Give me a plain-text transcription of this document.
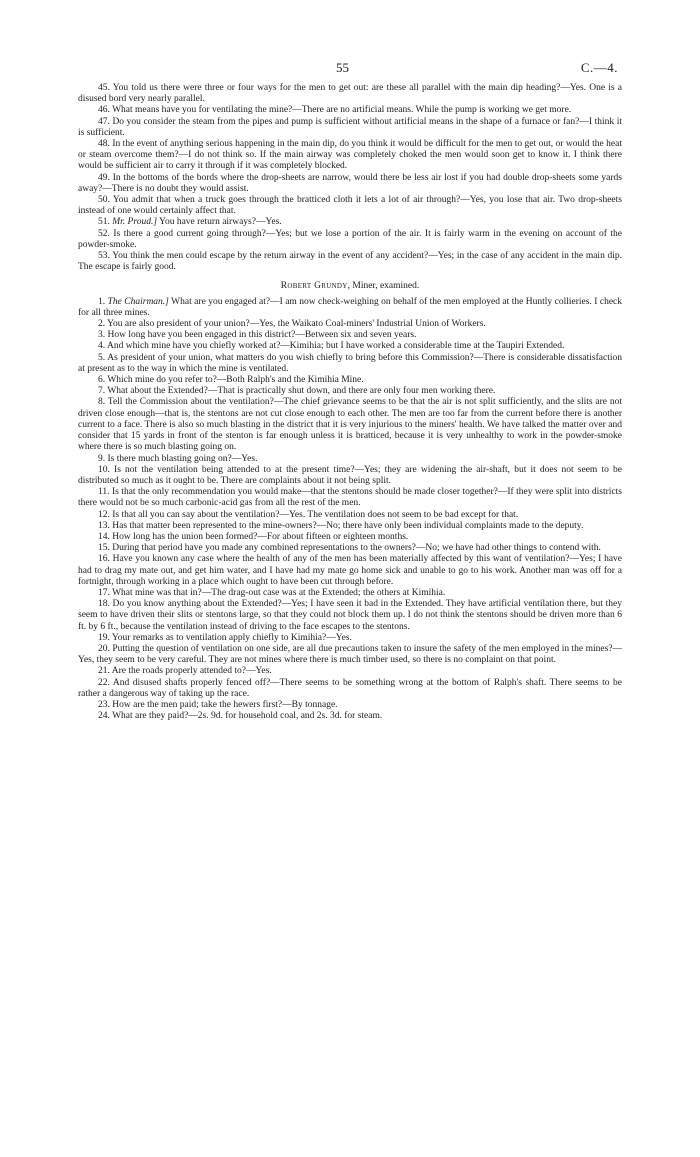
55	C.—4.

45. You told us there were three or four ways for the men to get out: are these all parallel with the main dip heading?—Yes. One is a disused bord very nearly parallel.

46. What means have you for ventilating the mine?—There are no artificial means. While the pump is working we get more.

47. Do you consider the steam from the pipes and pump is sufficient without artificial means in the shape of a furnace or fan?—I think it is sufficient.

48. In the event of anything serious happening in the main dip, do you think it would be difficult for the men to get out, or would the heat or steam overcome them?—I do not think so. If the main airway was completely choked the men would soon get to know it. I think there would be sufficient air to carry it through if it was completely blocked.

49. In the bottoms of the bords where the drop-sheets are narrow, would there be less air lost if you had double drop-sheets some yards away?—There is no doubt they would assist.

50. You admit that when a truck goes through the bratticed cloth it lets a lot of air through?—Yes, you lose that air. Two drop-sheets instead of one would certainly affect that.

51. Mr. Proud.] You have return airways?—Yes.

52. Is there a good current going through?—Yes; but we lose a portion of the air. It is fairly warm in the evening on account of the powder-smoke.

53. You think the men could escape by the return airway in the event of any accident?—Yes; in the case of any accident in the main dip. The escape is fairly good.

Robert Grundy, Miner, examined.

1. The Chairman.] What are you engaged at?—I am now check-weighing on behalf of the men employed at the Huntly collieries. I check for all three mines.

2. You are also president of your union?—Yes, the Waikato Coal-miners' Industrial Union of Workers.

3. How long have you been engaged in this district?—Between six and seven years.

4. And which mine have you chiefly worked at?—Kimihia; but I have worked a considerable time at the Taupiri Extended.

5. As president of your union, what matters do you wish chiefly to bring before this Commission?—There is considerable dissatisfaction at present as to the way in which the mine is ventilated.

6. Which mine do you refer to?—Both Ralph's and the Kimihia Mine.

7. What about the Extended?—That is practically shut down, and there are only four men working there.

8. Tell the Commission about the ventilation?—The chief grievance seems to be that the air is not split sufficiently, and the slits are not driven close enough—that is, the stentons are not cut close enough to each other. The men are too far from the current before there is another current to a face. There is also so much blasting in the district that it is very injurious to the miners' health. We have talked the matter over and consider that 15 yards in front of the stenton is far enough unless it is bratticed, because it is very unhealthy to work in the powder-smoke where there is so much blasting going on.

9. Is there much blasting going on?—Yes.

10. Is not the ventilation being attended to at the present time?—Yes; they are widening the air-shaft, but it does not seem to be distributed so much as it ought to be. There are complaints about it not being split.

11. Is that the only recommendation you would make—that the stentons should be made closer together?—If they were split into districts there would not be so much carbonic-acid gas from all the rest of the men.

12. Is that all you can say about the ventilation?—Yes. The ventilation does not seem to be bad except for that.

13. Has that matter been represented to the mine-owners?—No; there have only been individual complaints made to the deputy.

14. How long has the union been formed?—For about fifteen or eighteen months.

15. During that period have you made any combined representations to the owners?—No; we have had other things to contend with.

16. Have you known any case where the health of any of the men has been materially affected by this want of ventilation?—Yes; I have had to drag my mate out, and get him water, and I have had my mate go home sick and unable to go to his work. Another man was off for a fortnight, through working in a place which ought to have been cut through before.

17. What mine was that in?—The drag-out case was at the Extended; the others at Kimihia.

18. Do you know anything about the Extended?—Yes; I have seen it bad in the Extended. They have artificial ventilation there, but they seem to have driven their slits or stentons large, so that they could not block them up. I do not think the stentons should be driven more than 6 ft. by 6 ft., because the ventilation instead of driving to the face escapes to the stentons.

19. Your remarks as to ventilation apply chiefly to Kimihia?—Yes.

20. Putting the question of ventilation on one side, are all due precautions taken to insure the safety of the men employed in the mines?—Yes, they seem to be very careful. They are not mines where there is much timber used, so there is no complaint on that point.

21. Are the roads properly attended to?—Yes.

22. And disused shafts properly fenced off?—There seems to be something wrong at the bottom of Ralph's shaft. There seems to be rather a dangerous way of taking up the race.

23. How are the men paid; take the hewers first?—By tonnage.

24. What are they paid?—2s. 9d. for household coal, and 2s. 3d. for steam.
